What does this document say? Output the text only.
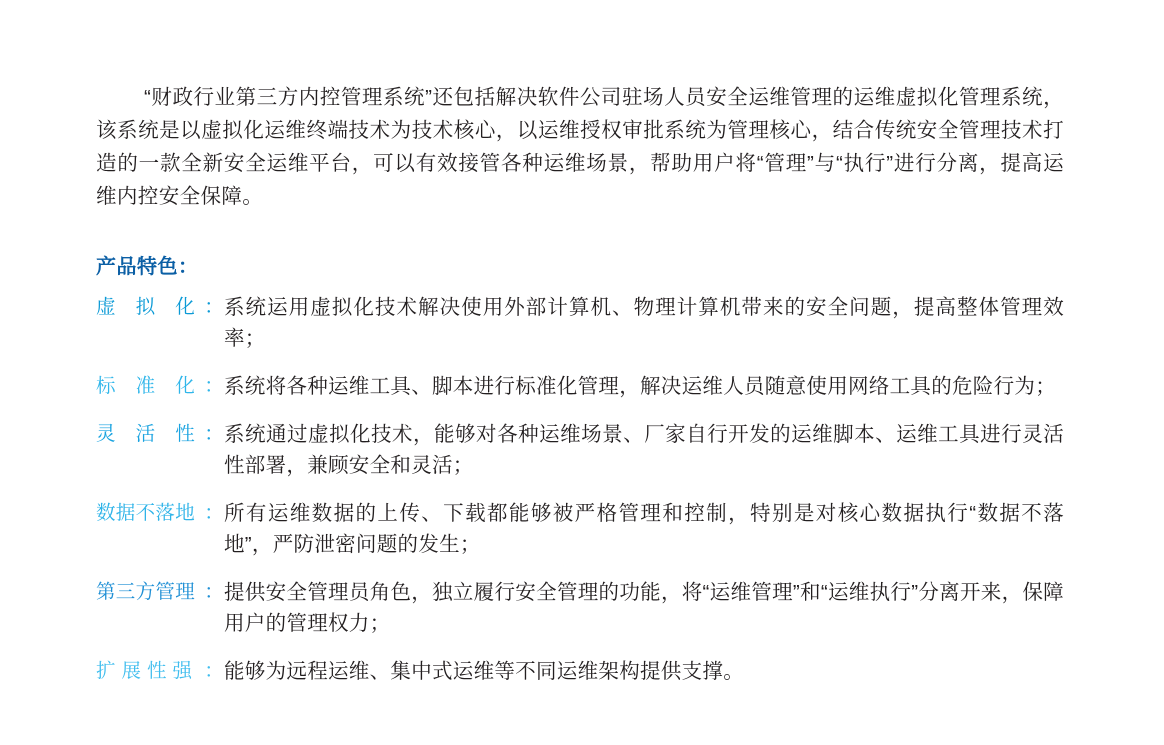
“财政行业第三方内控管理系统”还包括解决软件公司驻场人员安全运维管理的运维虚拟化管理系统，该系统是以虚拟化运维终端技术为技术核心，以运维授权审批系统为管理核心，结合传统安全管理技术打造的一款全新安全运维平台，可以有效接管各种运维场景，帮助用户将“管理”与“执行”进行分离，提高运维内控安全保障。

产品特色：
虚　拟　化 ： 系统运用虚拟化技术解决使用外部计算机、物理计算机带来的安全问题，提高整体管理效率；
标　准　化 ： 系统将各种运维工具、脚本进行标准化管理，解决运维人员随意使用网络工具的危险行为；
灵　活　性 ： 系统通过虚拟化技术，能够对各种运维场景、厂家自行开发的运维脚本、运维工具进行灵活性部署，兼顾安全和灵活；
数据不落地 ： 所有运维数据的上传、下载都能够被严格管理和控制，特别是对核心数据执行“数据不落地”，严防泄密问题的发生；
第三方管理 ： 提供安全管理员角色，独立履行安全管理的功能，将“运维管理”和“运维执行”分离开来，保障用户的管理权力；
扩 展 性 强 ： 能够为远程运维、集中式运维等不同运维架构提供支撑。
